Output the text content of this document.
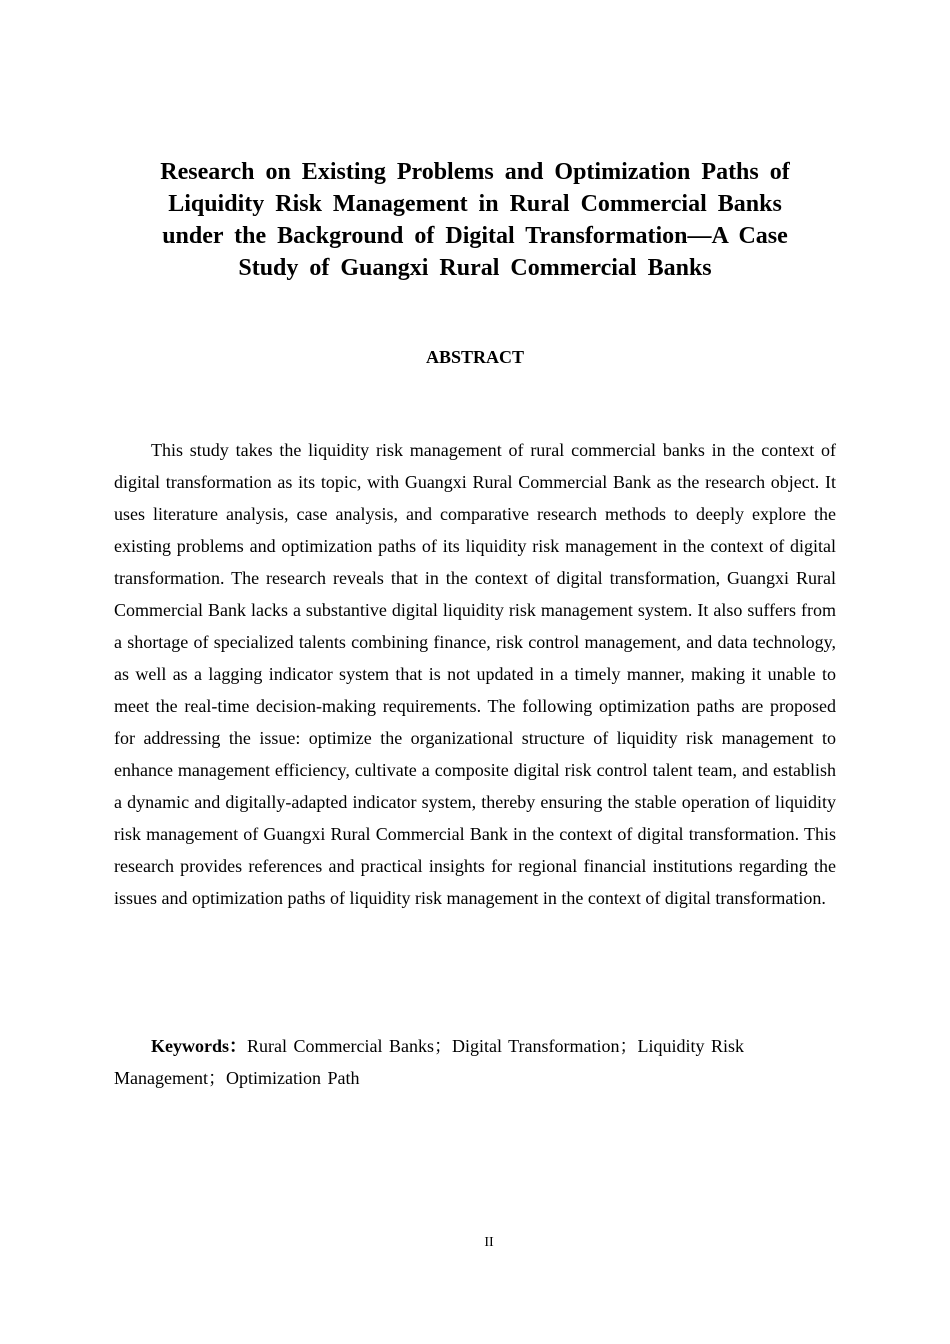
Research on Existing Problems and Optimization Paths of
Liquidity Risk Management in Rural Commercial Banks
under the Background of Digital Transformation—A Case
Study of Guangxi Rural Commercial Banks
ABSTRACT

This study takes the liquidity risk management of rural commercial banks in the context of digital transformation as its topic, with Guangxi Rural Commercial Bank as the research object. It uses literature analysis, case analysis, and comparative research methods to deeply explore the existing problems and optimization paths of its liquidity risk management in the context of digital transformation. The research reveals that in the context of digital transformation, Guangxi Rural Commercial Bank lacks a substantive digital liquidity risk management system. It also suffers from a shortage of specialized talents combining finance, risk control management, and data technology, as well as a lagging indicator system that is not updated in a timely manner, making it unable to meet the real-time decision-making requirements. The following optimization paths are proposed for addressing the issue: optimize the organizational structure of liquidity risk management to enhance management efficiency, cultivate a composite digital risk control talent team, and establish a dynamic and digitally-adapted indicator system, thereby ensuring the stable operation of liquidity risk management of Guangxi Rural Commercial Bank in the context of digital transformation. This research provides references and practical insights for regional financial institutions regarding the issues and optimization paths of liquidity risk management in the context of digital transformation.

Keywords：Rural Commercial Banks；Digital Transformation；Liquidity Risk Management；Optimization Path

II
